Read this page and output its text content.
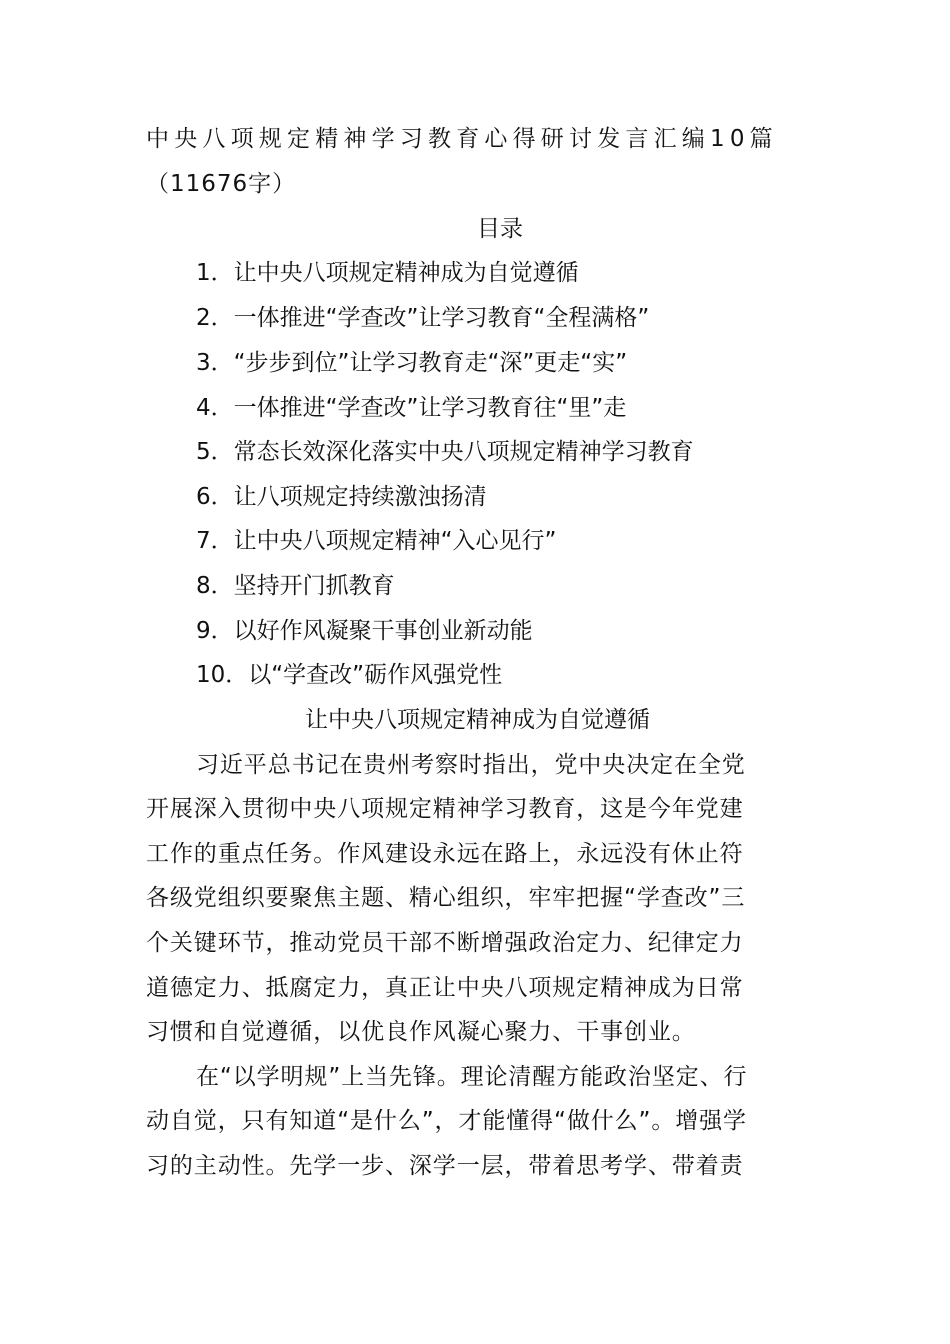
中央八项规定精神学习教育心得研讨发言汇编10篇
（11676字）
目录
1．让中央八项规定精神成为自觉遵循
2．一体推进“学查改”让学习教育“全程满格”
3．“步步到位”让学习教育走“深”更走“实”
4．一体推进“学查改”让学习教育往“里”走
5．常态长效深化落实中央八项规定精神学习教育
6．让八项规定持续激浊扬清
7．让中央八项规定精神“入心见行”
8．坚持开门抓教育
9．以好作风凝聚干事创业新动能
10．以“学查改”砺作风强党性
让中央八项规定精神成为自觉遵循
习近平总书记在贵州考察时指出，党中央决定在全党
开展深入贯彻中央八项规定精神学习教育，这是今年党建
工作的重点任务。作风建设永远在路上，永远没有休止符
各级党组织要聚焦主题、精心组织，牢牢把握“学查改”三
个关键环节，推动党员干部不断增强政治定力、纪律定力
道德定力、抵腐定力，真正让中央八项规定精神成为日常
习惯和自觉遵循，以优良作风凝心聚力、干事创业。
在“以学明规”上当先锋。理论清醒方能政治坚定、行
动自觉，只有知道“是什么”，才能懂得“做什么”。增强学
习的主动性。先学一步、深学一层，带着思考学、带着责
